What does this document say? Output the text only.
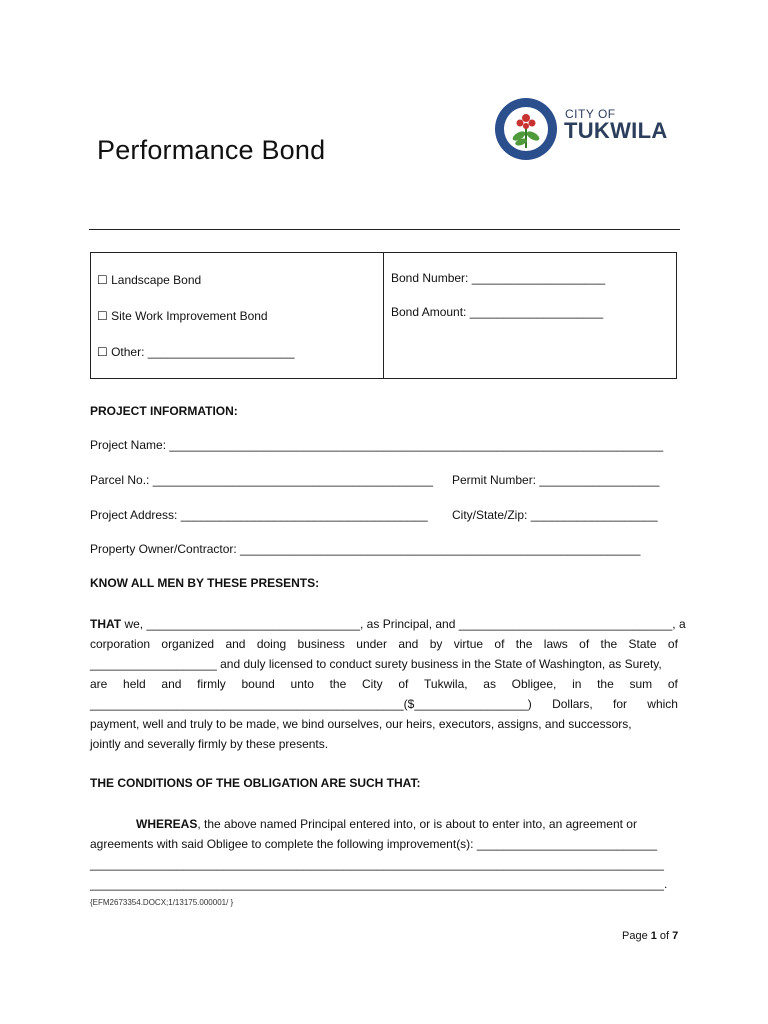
Performance Bond
CITY OF
TUKWILA
☐ Landscape Bond
☐ Site Work Improvement Bond
☐ Other: ______________________
Bond Number: ____________________
Bond Amount: ____________________
PROJECT INFORMATION:
Project Name: __________________________________________________________________________
Parcel No.: __________________________________________ Permit Number: __________________
Project Address: _____________________________________ City/State/Zip: ___________________
Property Owner/Contractor: ____________________________________________________________
KNOW ALL MEN BY THESE PRESENTS:
THAT we, ________________________________, as Principal, and ________________________________, a
corporation organized and doing business under and by virtue of the laws of the State of
___________________ and duly licensed to conduct surety business in the State of Washington, as Surety,
are held and firmly bound unto the City of Tukwila, as Obligee, in the sum of
_______________________________________________($_________________) Dollars, for which
payment, well and truly to be made, we bind ourselves, our heirs, executors, assigns, and successors,
jointly and severally firmly by these presents.
THE CONDITIONS OF THE OBLIGATION ARE SUCH THAT:
WHEREAS , the above named Principal entered into, or is about to enter into, an agreement or
agreements with said Obligee to complete the following improvement(s): ___________________________
______________________________________________________________________________________
______________________________________________________________________________________.
{EFM2673354.DOCX;1/13175.000001/ }
Page 1 of 7
